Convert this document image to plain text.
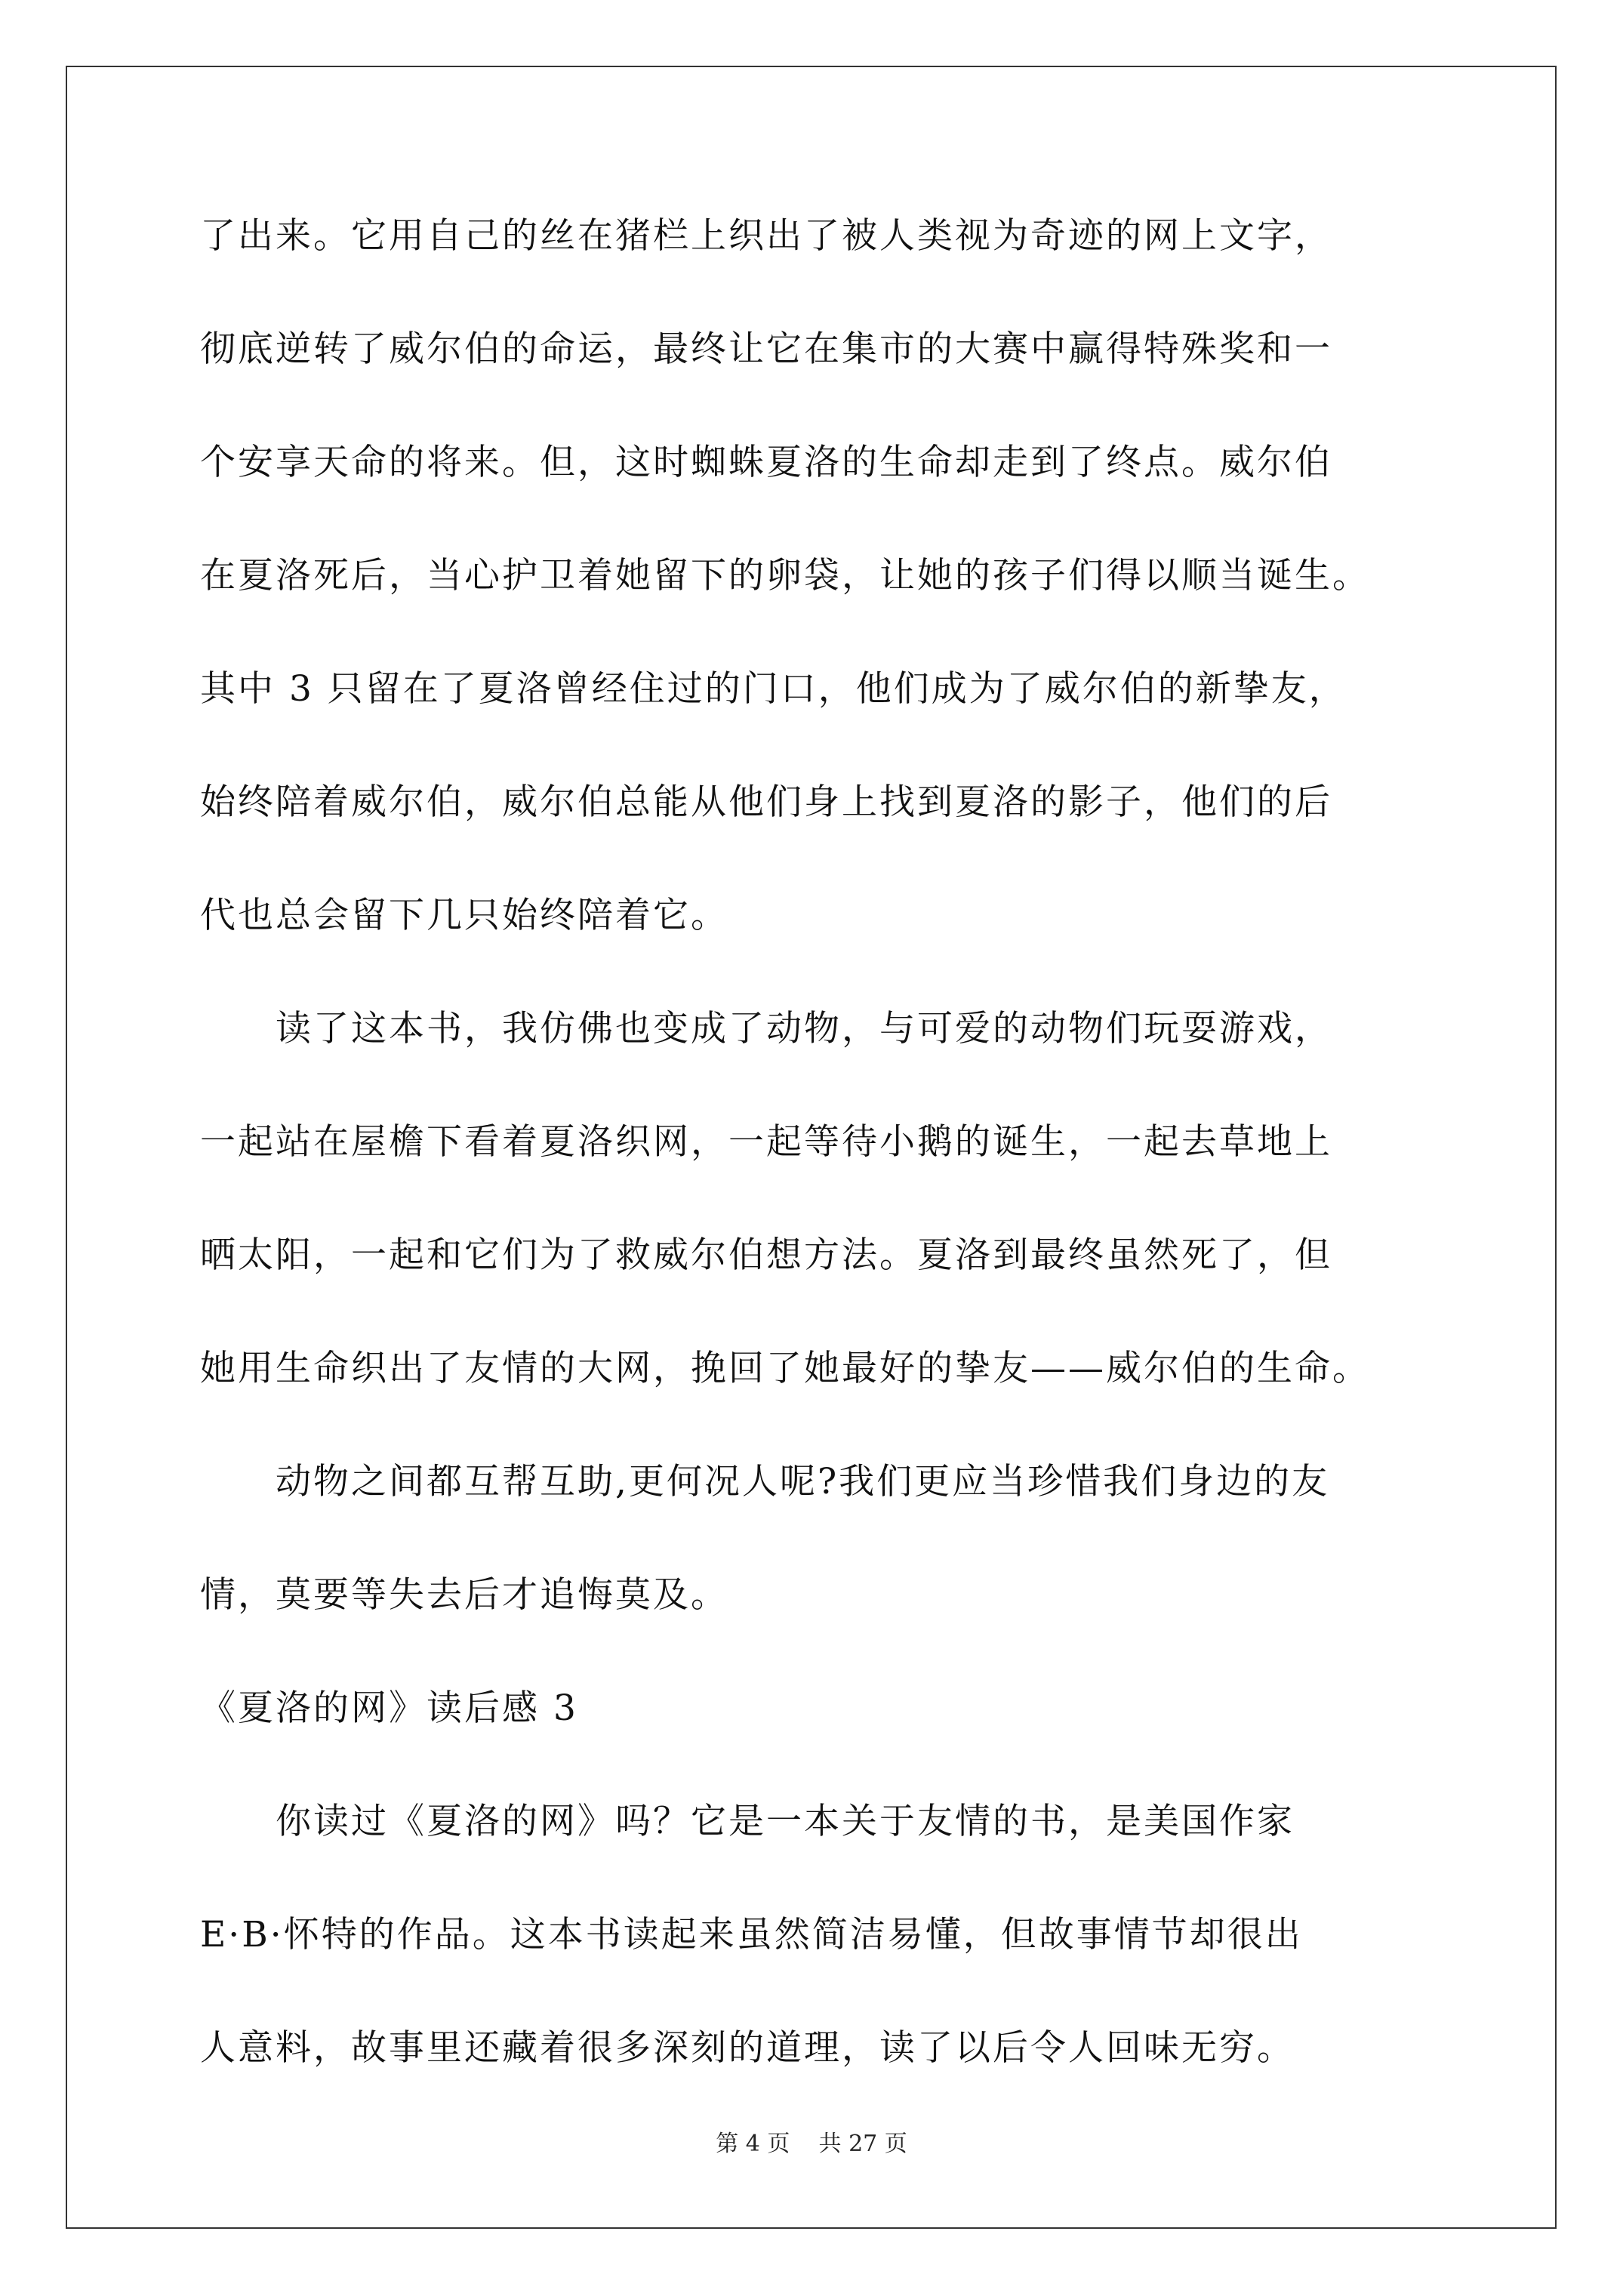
了出来。它用自己的丝在猪栏上织出了被人类视为奇迹的网上文字，
彻底逆转了威尔伯的命运，最终让它在集市的大赛中赢得特殊奖和一
个安享天命的将来。但，这时蜘蛛夏洛的生命却走到了终点。威尔伯
在夏洛死后，当心护卫着她留下的卵袋，让她的孩子们得以顺当诞生。
其中 3 只留在了夏洛曾经住过的门口，他们成为了威尔伯的新挚友，
始终陪着威尔伯，威尔伯总能从他们身上找到夏洛的影子，他们的后
代也总会留下几只始终陪着它。
读了这本书，我仿佛也变成了动物，与可爱的动物们玩耍游戏，
一起站在屋檐下看着夏洛织网，一起等待小鹅的诞生，一起去草地上
晒太阳，一起和它们为了救威尔伯想方法。夏洛到最终虽然死了，但
她用生命织出了友情的大网，挽回了她最好的挚友——威尔伯的生命。
动物之间都互帮互助,更何况人呢?我们更应当珍惜我们身边的友
情，莫要等失去后才追悔莫及。
《夏洛的网》读后感 3
你读过《夏洛的网》吗？它是一本关于友情的书，是美国作家
E·B·怀特的作品。这本书读起来虽然简洁易懂，但故事情节却很出
人意料，故事里还藏着很多深刻的道理，读了以后令人回味无穷。
第 4 页 共 27 页
